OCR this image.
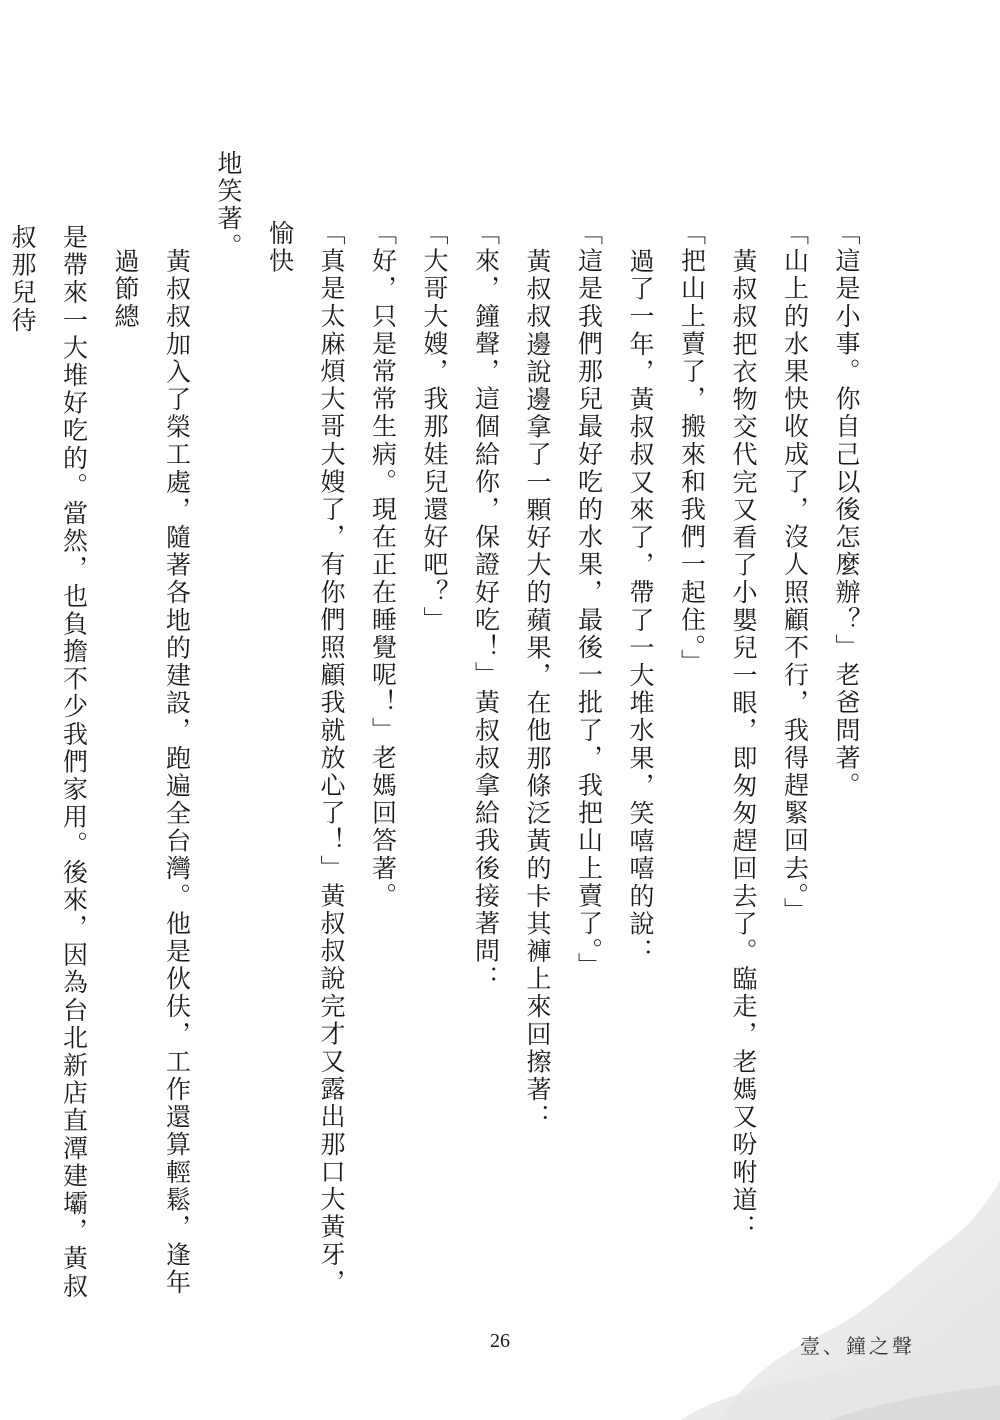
「這是小事。你自己以後怎麼辦？」老爸問著。

「山上的水果快收成了，沒人照顧不行，我得趕緊回去。」

黃叔叔把衣物交代完又看了小嬰兒一眼，即匆匆趕回去了。臨走，老媽又吩咐道：

「把山上賣了，搬來和我們一起住。」

過了一年，黃叔叔又來了，帶了一大堆水果，笑嘻嘻的說：

「這是我們那兒最好吃的水果，最後一批了，我把山上賣了。」

黃叔叔邊說邊拿了一顆好大的蘋果，在他那條泛黃的卡其褲上來回擦著：

「來，鐘聲，這個給你，保證好吃！」黃叔叔拿給我後接著問：

「大哥大嫂，我那娃兒還好吧？」

「好，只是常常生病。現在正在睡覺呢！」老媽回答著。

「真是太麻煩大哥大嫂了，有你們照顧我就放心了！」黃叔叔說完才又露出那口大黃牙，愉快

地笑著。

黃叔叔加入了榮工處，隨著各地的建設，跑遍全台灣。他是伙伕，工作還算輕鬆，逢年過節總

是帶來一大堆好吃的。當然，也負擔不少我們家用。後來，因為台北新店直潭建壩，黃叔叔那兒待

26	壹、鐘之聲
